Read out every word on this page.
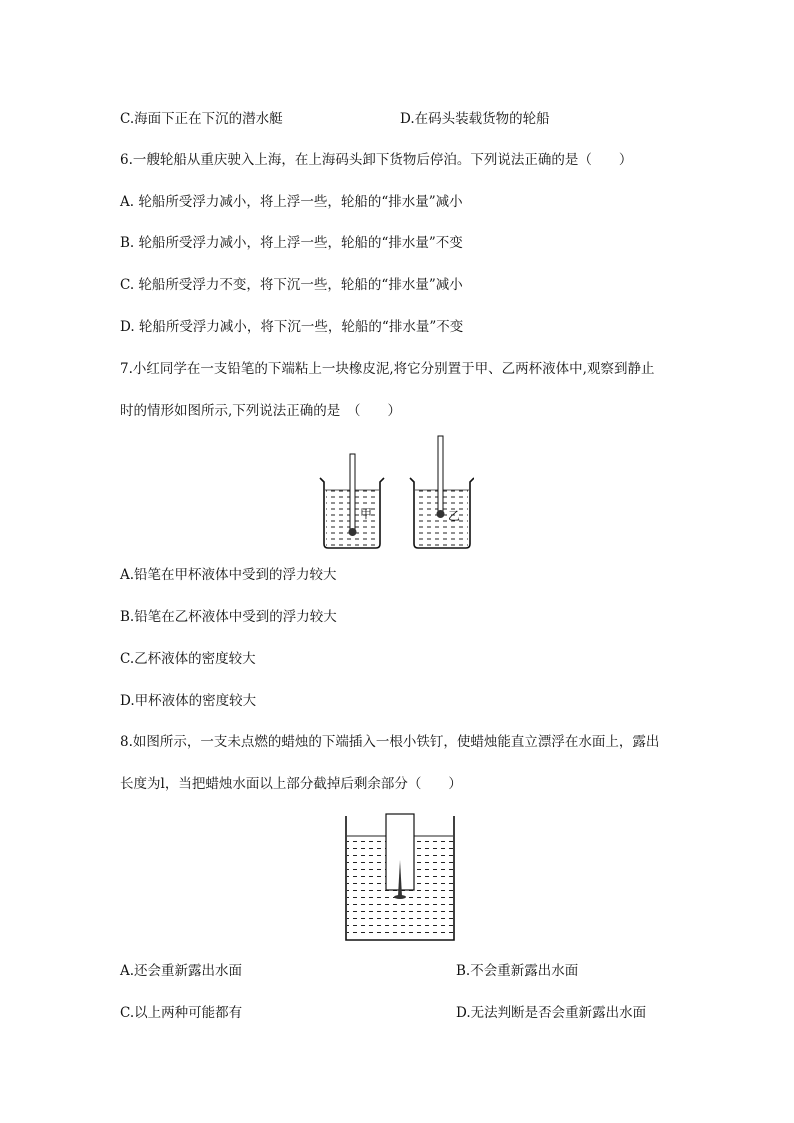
C.海面下正在下沉的潜水艇	D.在码头装载货物的轮船
6.一艘轮船从重庆驶入上海，在上海码头卸下货物后停泊。下列说法正确的是（　　）
A. 轮船所受浮力减小，将上浮一些，轮船的“排水量”减小
B. 轮船所受浮力减小，将上浮一些，轮船的“排水量”不变
C. 轮船所受浮力不变，将下沉一些，轮船的“排水量”减小
D. 轮船所受浮力减小，将下沉一些，轮船的“排水量”不变
7.小红同学在一支铅笔的下端粘上一块橡皮泥,将它分别置于甲、乙两杯液体中,观察到静止
时的情形如图所示,下列说法正确的是　（　　）
甲	乙
A.铅笔在甲杯液体中受到的浮力较大
B.铅笔在乙杯液体中受到的浮力较大
C.乙杯液体的密度较大
D.甲杯液体的密度较大
8.如图所示，一支未点燃的蜡烛的下端插入一根小铁钉，使蜡烛能直立漂浮在水面上，露出
长度为l，当把蜡烛水面以上部分截掉后剩余部分（　　）
A.还会重新露出水面	B.不会重新露出水面
C.以上两种可能都有	D.无法判断是否会重新露出水面
